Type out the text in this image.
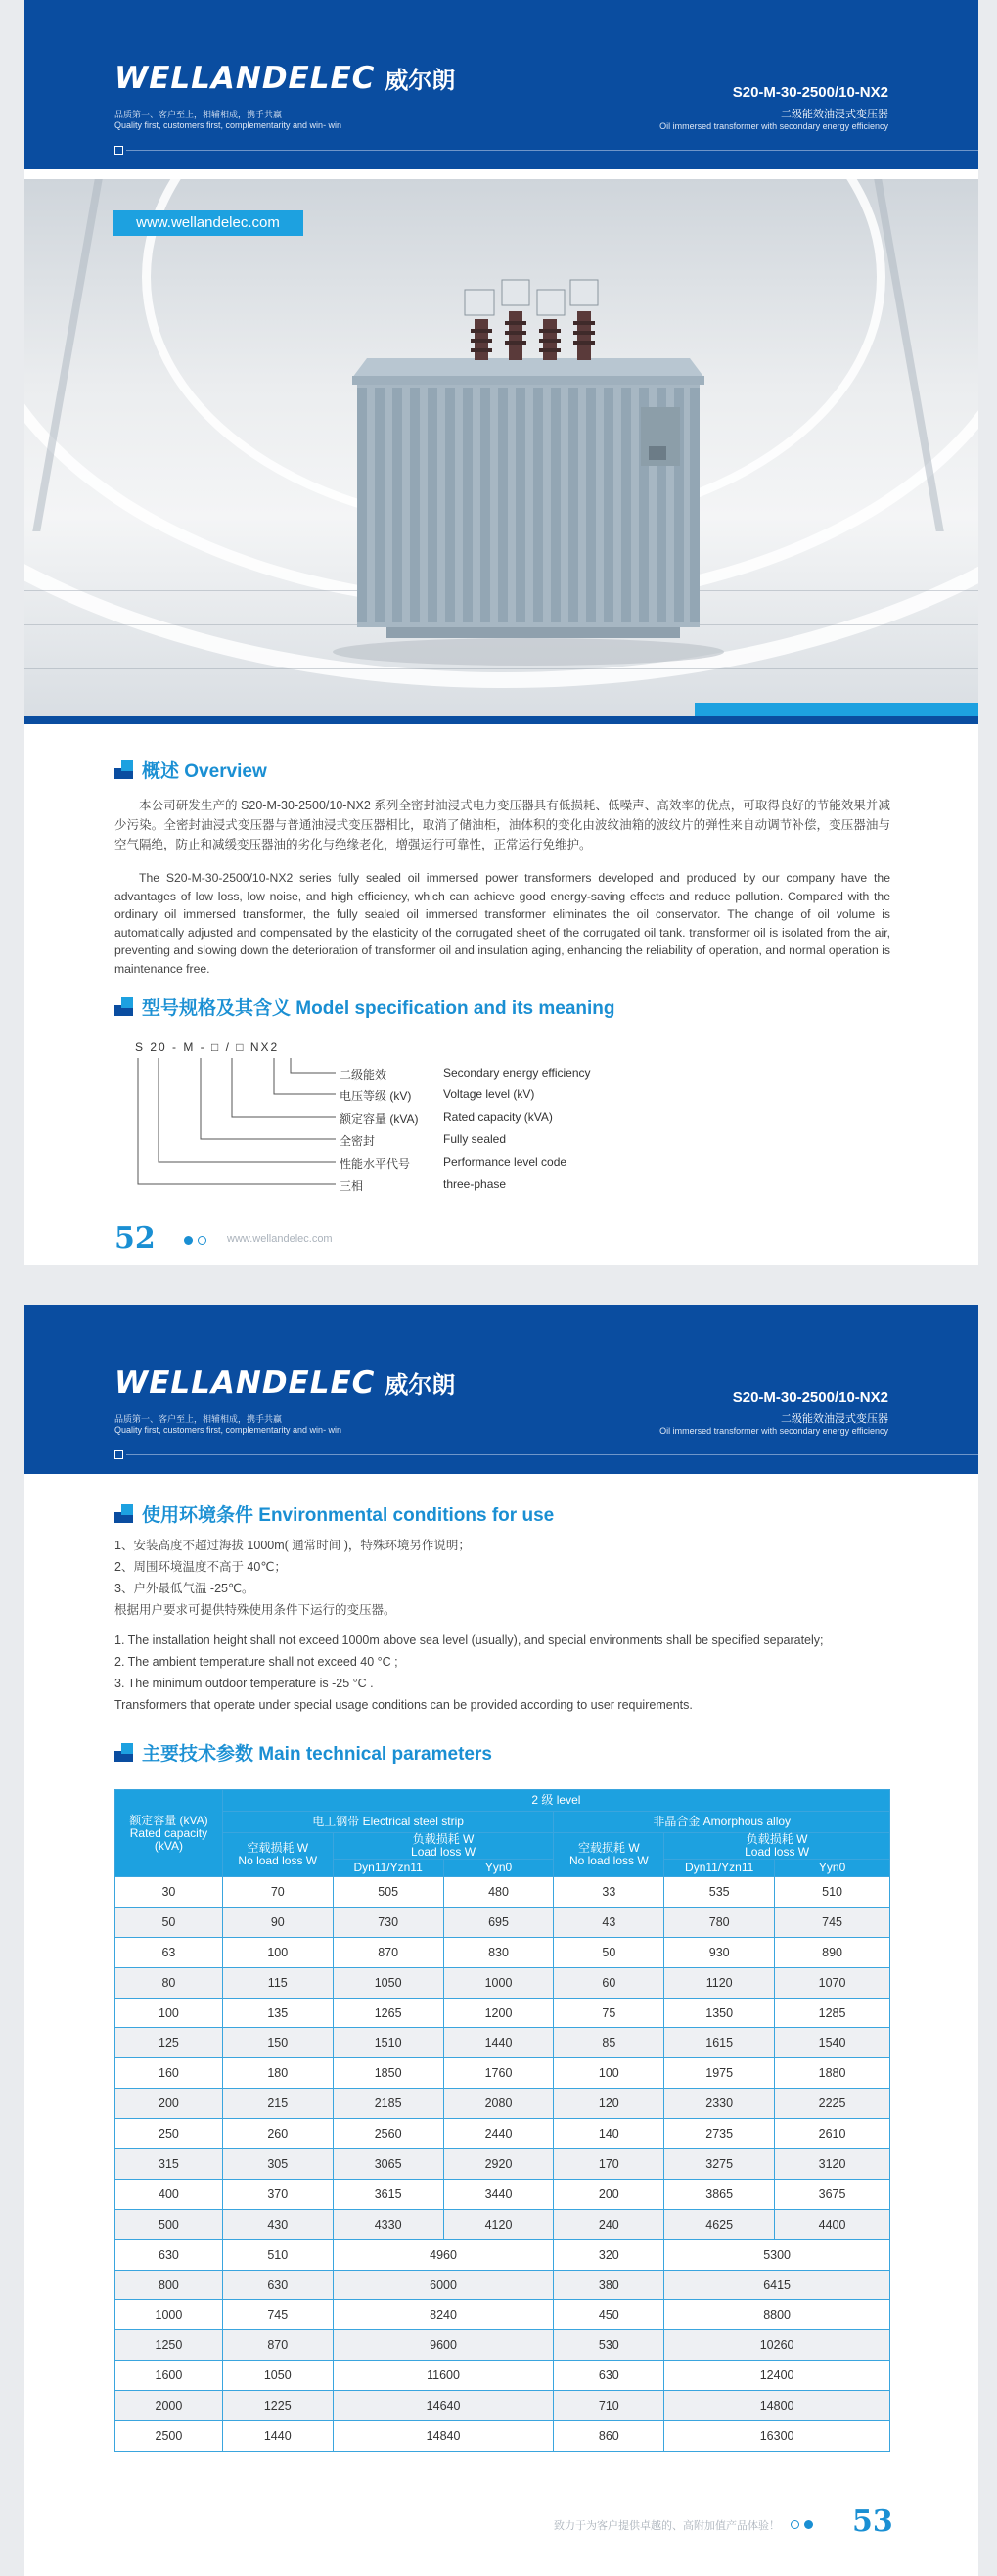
WELLANDELEC 威尔朗
品质第一、客户至上，相辅相成，携手共赢
Quality first, customers first, complementarity and win- win
S20-M-30-2500/10-NX2
二级能效油浸式变压器
Oil immersed transformer with secondary energy efficiency
www.wellandelec.com
概述 Overview

本公司研发生产的 S20-M-30-2500/10-NX2 系列全密封油浸式电力变压器具有低损耗、低噪声、高效率的优点，可取得良好的节能效果并减少污染。全密封油浸式变压器与普通油浸式变压器相比，取消了储油柜，油体积的变化由波纹油箱的波纹片的弹性来自动调节补偿，变压器油与空气隔绝，防止和减缓变压器油的劣化与绝缘老化，增强运行可靠性，正常运行免维护。

The S20-M-30-2500/10-NX2 series fully sealed oil immersed power transformers developed and produced by our company have the advantages of low loss, low noise, and high efficiency, which can achieve good energy-saving effects and reduce pollution. Compared with the ordinary oil immersed transformer, the fully sealed oil immersed transformer eliminates the oil conservator. The change of oil volume is automatically adjusted and compensated by the elasticity of the corrugated sheet of the corrugated oil tank. transformer oil is isolated from the air, preventing and slowing down the deterioration of transformer oil and insulation aging, enhancing the reliability of operation, and normal operation is maintenance free.

型号规格及其含义 Model specification and its meaning
S 20 - M - □ / □ NX2
二级能效	Secondary energy efficiency
电压等级 (kV)	Voltage level (kV)
额定容量 (kVA) Rated capacity (kVA)
全密封	Fully sealed
性能水平代号	Performance level code
三相	three-phase
52	www.wellandelec.com
WELLANDELEC 威尔朗
品质第一、客户至上，相辅相成，携手共赢
Quality first, customers first, complementarity and win- win
S20-M-30-2500/10-NX2
二级能效油浸式变压器
Oil immersed transformer with secondary energy efficiency
使用环境条件 Environmental conditions for use
1、安装高度不超过海拔 1000m( 通常时间 )，特殊环境另作说明；
2、周围环境温度不高于 40℃；
3、户外最低气温 -25℃。
根据用户要求可提供特殊使用条件下运行的变压器。
1. The installation height shall not exceed 1000m above sea level (usually), and special environments shall be specified separately;
2. The ambient temperature shall not exceed 40 °C ;
3. The minimum outdoor temperature is -25 °C .
Transformers that operate under special usage conditions can be provided according to user requirements.
主要技术参数 Main technical parameters
额定容量 (kVA)
Rated capacity
(kVA)	2 级 level					
	电工钢带 Electrical steel strip			非晶合金 Amorphous alloy		
	空载损耗 W
No load loss W	负载损耗 W
Load loss W		空载损耗 W
No load loss W	负载损耗 W
Load loss W	
		Dyn11/Yzn11	Yyn0		Dyn11/Yzn11	Yyn0
30	70	505	480	33	535	510
50	90	730	695	43	780	745
63	100	870	830	50	930	890
80	115	1050	1000	60	1120	1070
100	135	1265	1200	75	1350	1285
125	150	1510	1440	85	1615	1540
160	180	1850	1760	100	1975	1880
200	215	2185	2080	120	2330	2225
250	260	2560	2440	140	2735	2610
315	305	3065	2920	170	3275	3120
400	370	3615	3440	200	3865	3675
500	430	4330	4120	240	4625	4400
630	510	4960		320	5300	
800	630	6000		380	6415	
1000	745	8240		450	8800	
1250	870	9600		530	10260	
1600	1050	11600		630	12400	
2000	1225	14640		710	14800	
2500	1440	14840		860	16300	
致力于为客户提供卓越的、高附加值产品体验！ 53
